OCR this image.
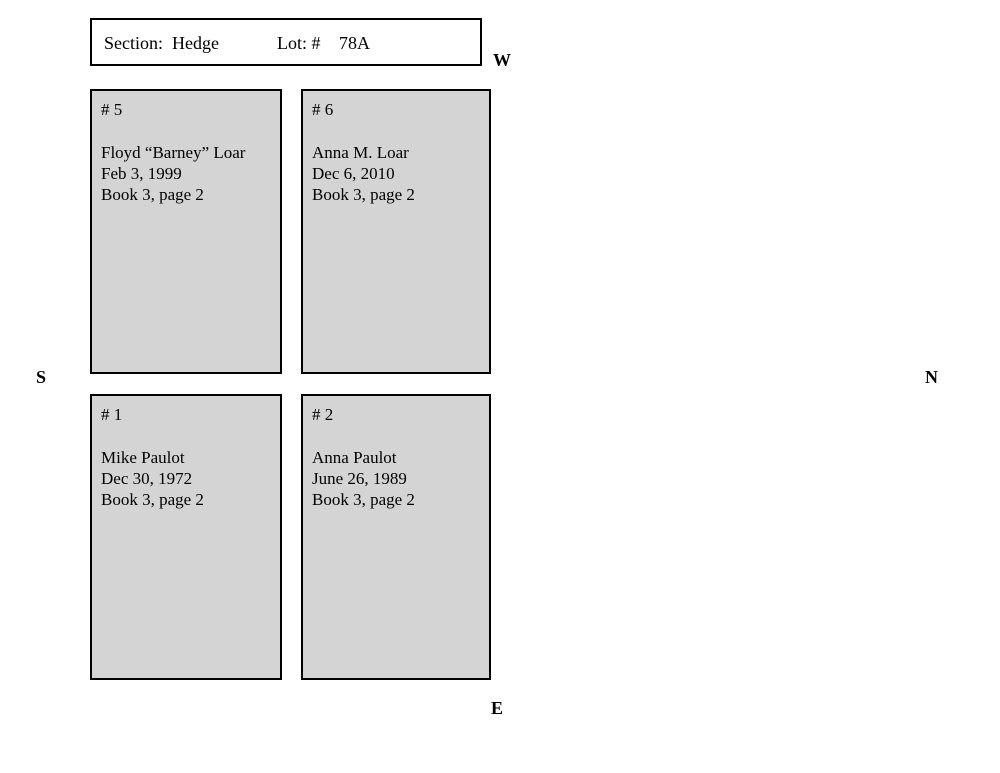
Section: Hedge	Lot: # 78A
W
N
S
E
# 5
Floyd “Barney” Loar
Feb 3, 1999
Book 3, page 2
# 6
Anna M. Loar
Dec 6, 2010
Book 3, page 2
# 1
Mike Paulot
Dec 30, 1972
Book 3, page 2
# 2
Anna Paulot
June 26, 1989
Book 3, page 2
